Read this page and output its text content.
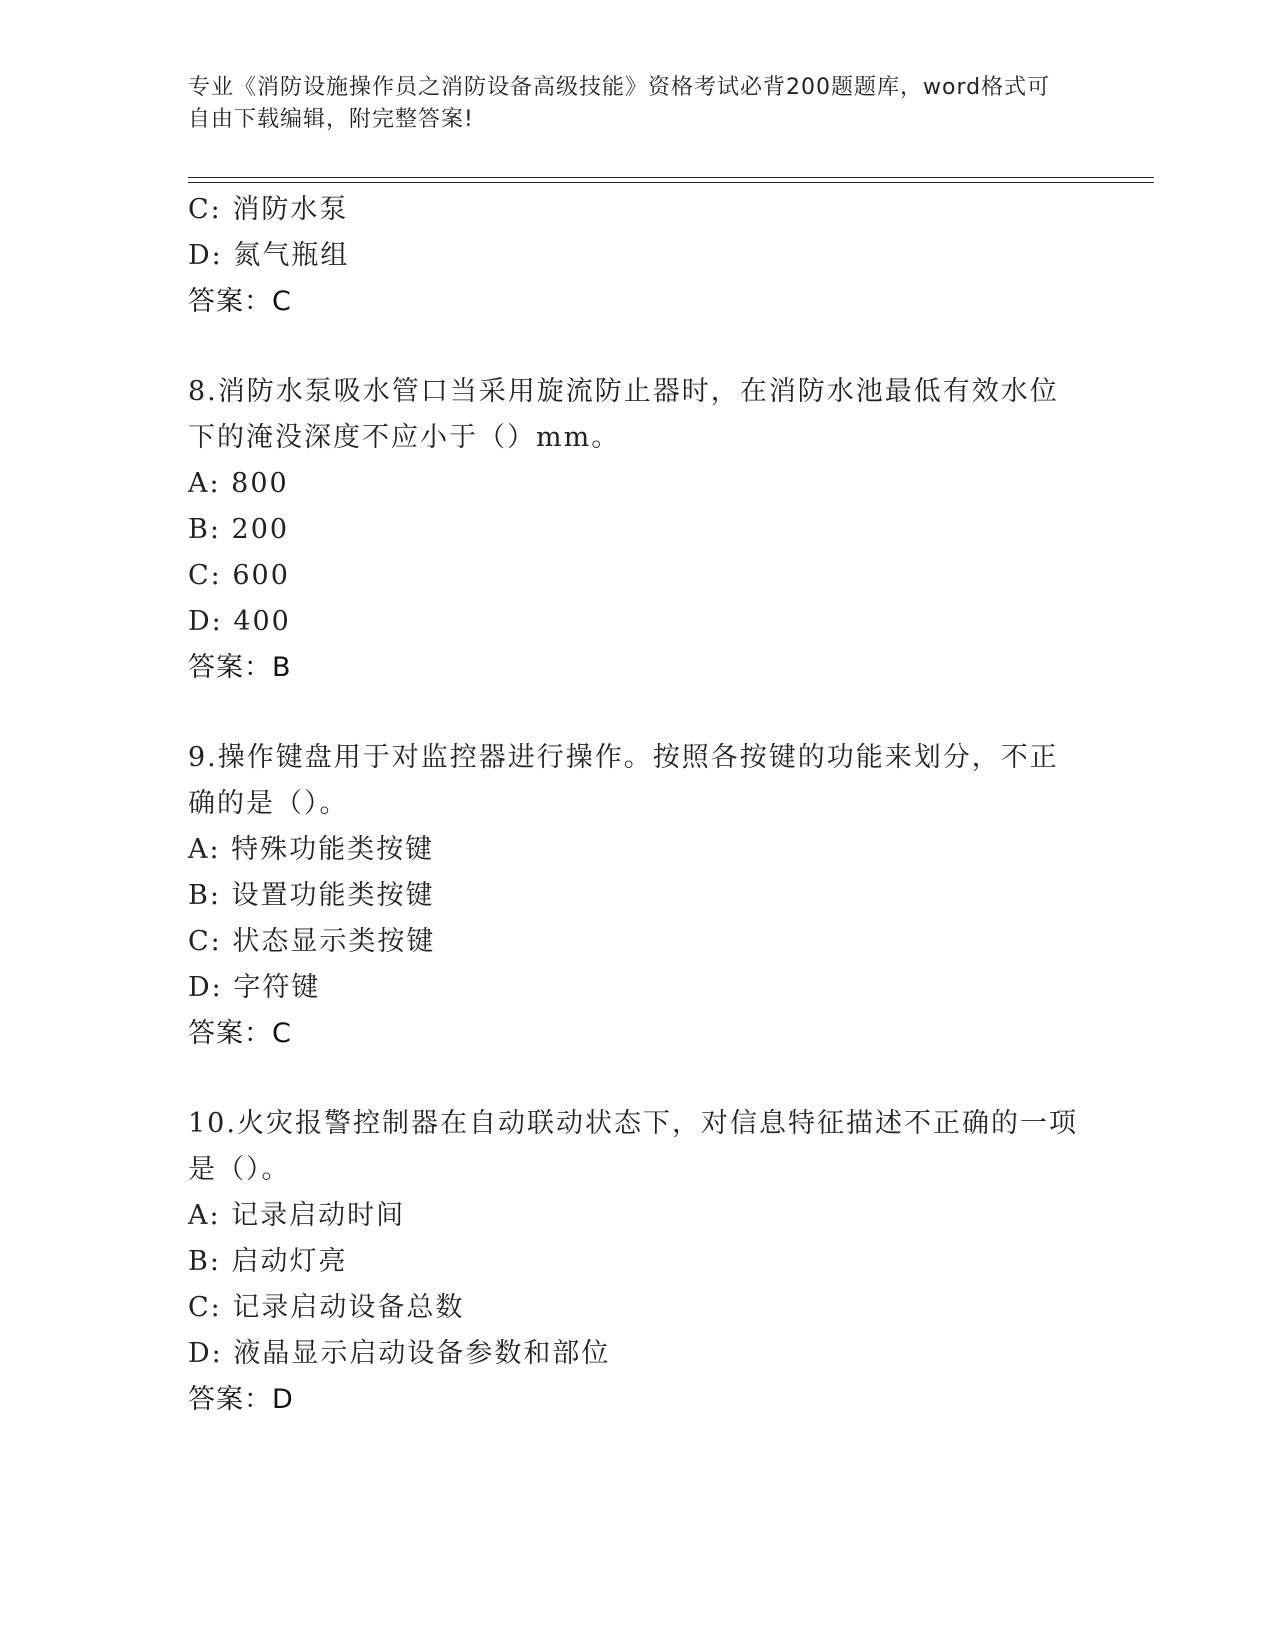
专业《消防设施操作员之消防设备高级技能》资格考试必背200题题库，word格式可自由下载编辑，附完整答案!
C: 消防水泵
D: 氮气瓶组
答案：C
8.消防水泵吸水管口当采用旋流防止器时，在消防水池最低有效水位
下的淹没深度不应小于（）mm。
A: 800
B: 200
C: 600
D: 400
答案：B
9.操作键盘用于对监控器进行操作。按照各按键的功能来划分，不正
确的是（）。
A: 特殊功能类按键
B: 设置功能类按键
C: 状态显示类按键
D: 字符键
答案：C
10.火灾报警控制器在自动联动状态下，对信息特征描述不正确的一项
是（）。
A: 记录启动时间
B: 启动灯亮
C: 记录启动设备总数
D: 液晶显示启动设备参数和部位
答案：D
